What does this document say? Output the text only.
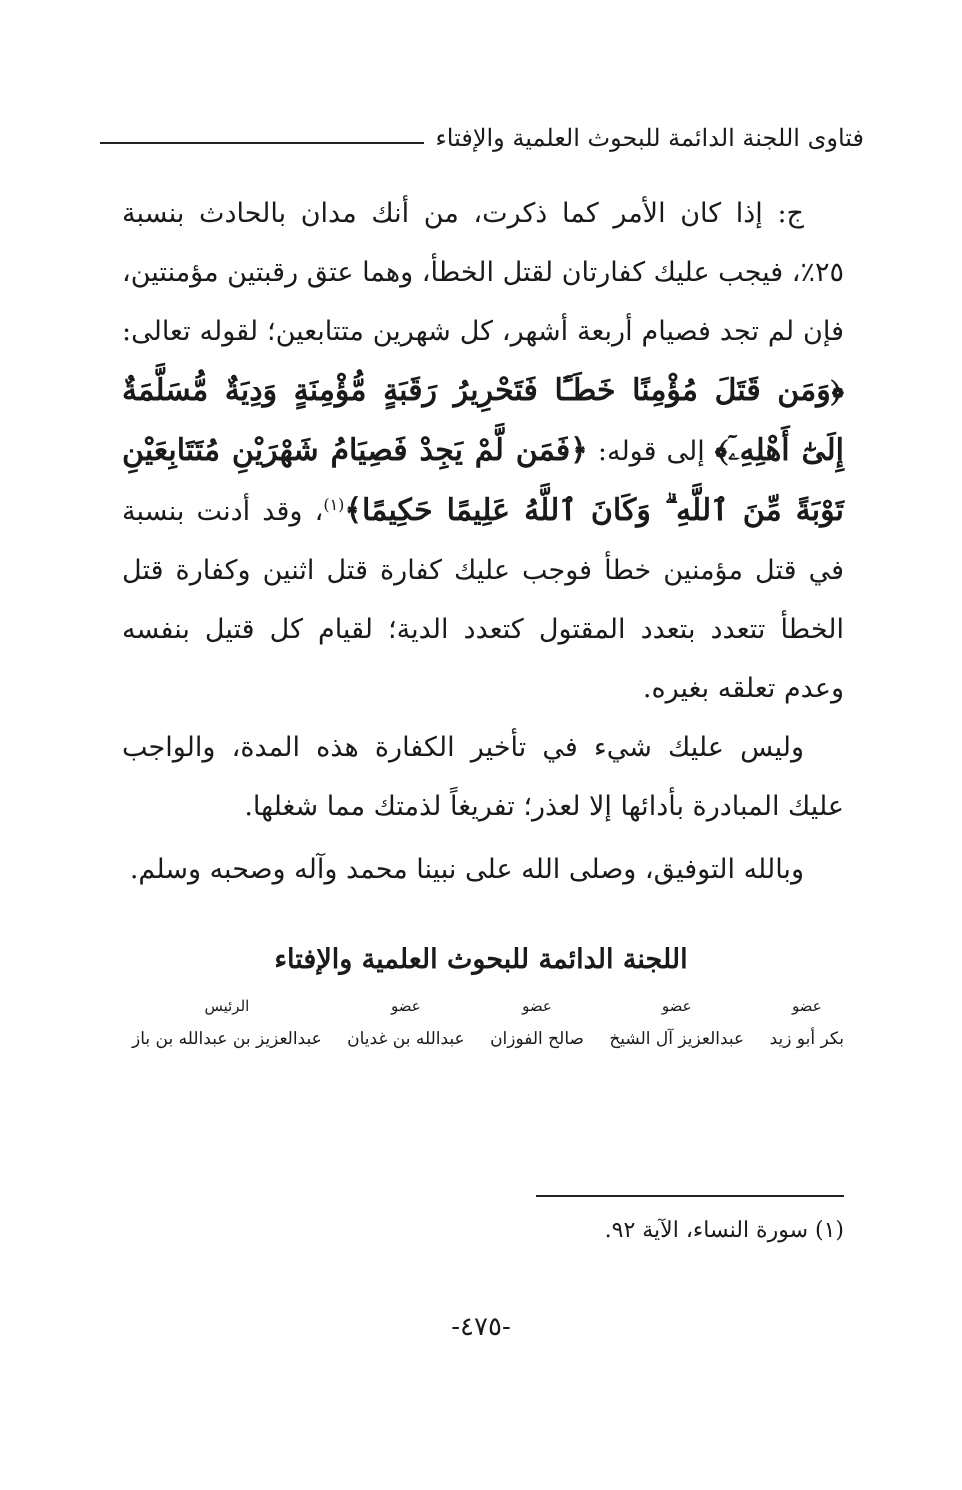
فتاوى اللجنة الدائمة للبحوث العلمية والإفتاء

ج: إذا كان الأمر كما ذكرت، من أنك مدان بالحادث بنسبة ٢٥٪، فيجب عليك كفارتان لقتل الخطأ، وهما عتق رقبتين مؤمنتين، فإن لم تجد فصيام أربعة أشهر، كل شهرين متتابعين؛ لقوله تعالى: ﴿وَمَن قَتَلَ مُؤْمِنًا خَطَـًٔا فَتَحْرِيرُ رَقَبَةٍ مُّؤْمِنَةٍ وَدِيَةٌ مُّسَلَّمَةٌ إِلَىٰٓ أَهْلِهِۦٓ﴾ إلى قوله: ﴿فَمَن لَّمْ يَجِدْ فَصِيَامُ شَهْرَيْنِ مُتَتَابِعَيْنِ تَوْبَةً مِّنَ ٱللَّهِ ۗ وَكَانَ ٱللَّهُ عَلِيمًا حَكِيمًا﴾$^{(١)}$، وقد أدنت بنسبة في قتل مؤمنين خطأ فوجب عليك كفارة قتل اثنين وكفارة قتل الخطأ تتعدد بتعدد المقتول كتعدد الدية؛ لقيام كل قتيل بنفسه وعدم تعلقه بغيره.

وليس عليك شيء في تأخير الكفارة هذه المدة، والواجب عليك المبادرة بأدائها إلا لعذر؛ تفريغاً لذمتك مما شغلها.

وبالله التوفيق، وصلى الله على نبينا محمد وآله وصحبه وسلم.

اللجنة الدائمة للبحوث العلمية والإفتاء
عضو
بكر أبو زيد
عضو
عبدالعزيز آل الشيخ
عضو
صالح الفوزان
عضو
عبدالله بن غديان
الرئيس
عبدالعزيز بن عبدالله بن باز
(١) سورة النساء، الآية ٩٢.
-٤٧٥-
